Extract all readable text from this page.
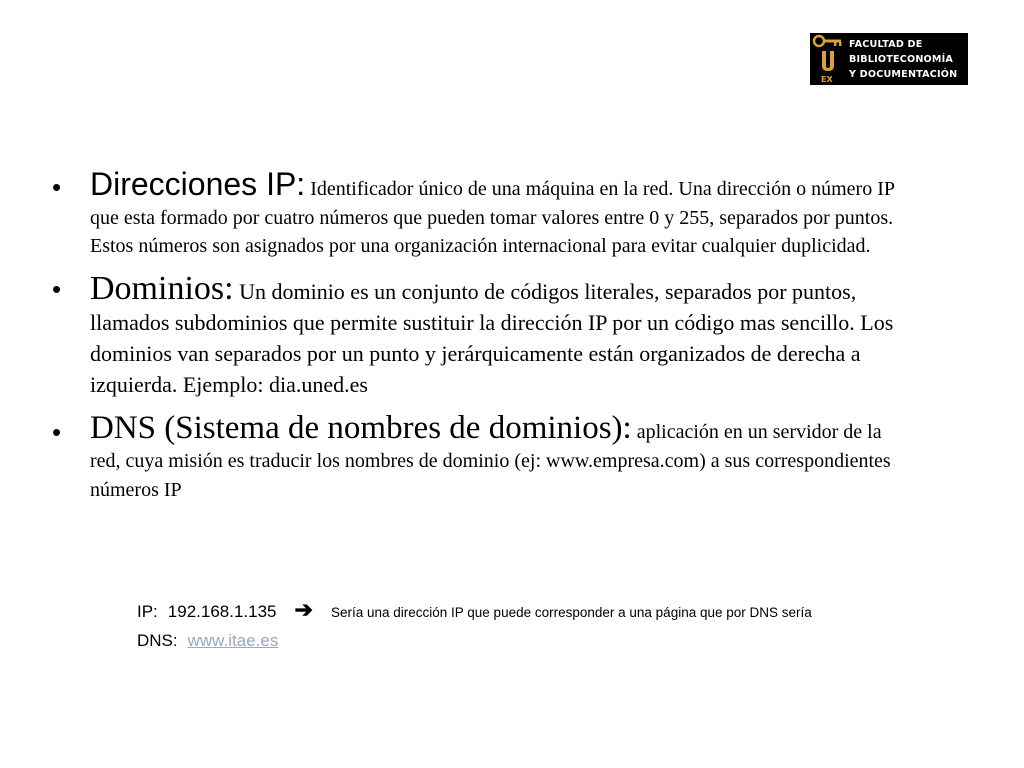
EX
FACULTAD DE
BIBLIOTECONOMÍA
Y DOCUMENTACIÓN
• Direcciones IP: Identificador único de una máquina en la red. Una dirección o número IP que esta formado por cuatro números que pueden tomar valores entre 0 y 255, separados por puntos. Estos números son asignados por una organización internacional para evitar cualquier duplicidad.
• Dominios: Un dominio es un conjunto de códigos literales, separados por puntos, llamados subdominios que permite sustituir la dirección IP por un código mas sencillo. Los dominios van separados por un punto y jerárquicamente están organizados de derecha a izquierda. Ejemplo: dia.uned.es
• DNS (Sistema de nombres de dominios): aplicación en un servidor de la red, cuya misión es traducir los nombres de dominio (ej: www.empresa.com) a sus correspondientes números IP
IP: 192.168.1.135 ➔ Sería una dirección IP que puede corresponder a una página que por DNS sería
DNS: www.itae.es
